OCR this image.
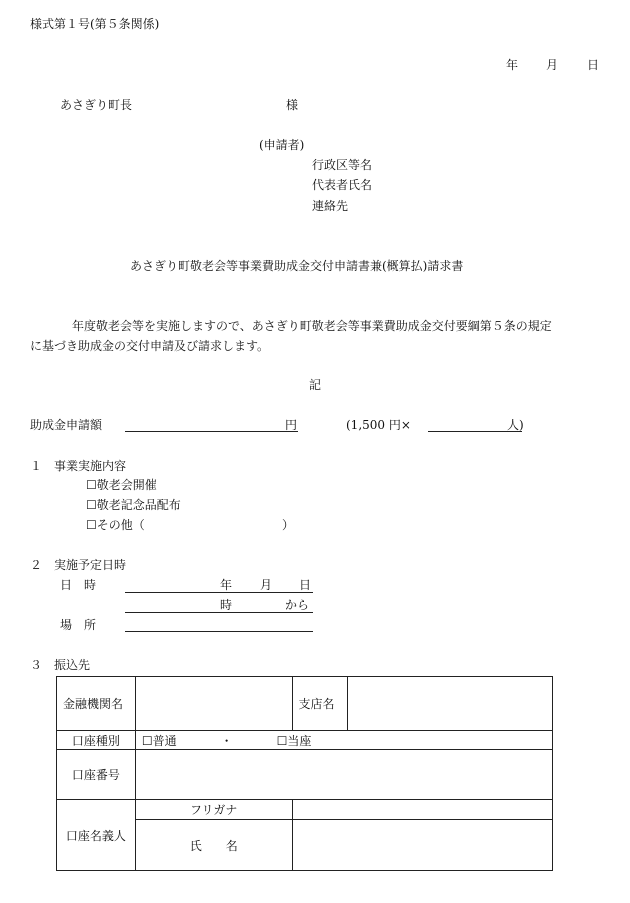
様式第１号(第５条関係)
年 月 日
あさぎり町長	様
(申請者)
行政区等名
代表者氏名
連絡先
あさぎり町敬老会等事業費助成金交付申請書兼(概算払)請求書
年度敬老会等を実施しますので、あさぎり町敬老会等事業費助成金交付要綱第５条の規定
に基づき助成金の交付申請及び請求します。
記
助成金申請額	円	(1,500 円×	人)
１　事業実施内容
☐ 敬老会開催
☐ 敬老記念品配布
☐ その他（	）
２　実施予定日時
日　時	年 月 日
時	から
場　所
３　振込先
金融機関名		支店名	
口座種別	☐普通 ・ ☐ 当座
口座番号			
口座名義人	フリガナ		
	氏　　名		
